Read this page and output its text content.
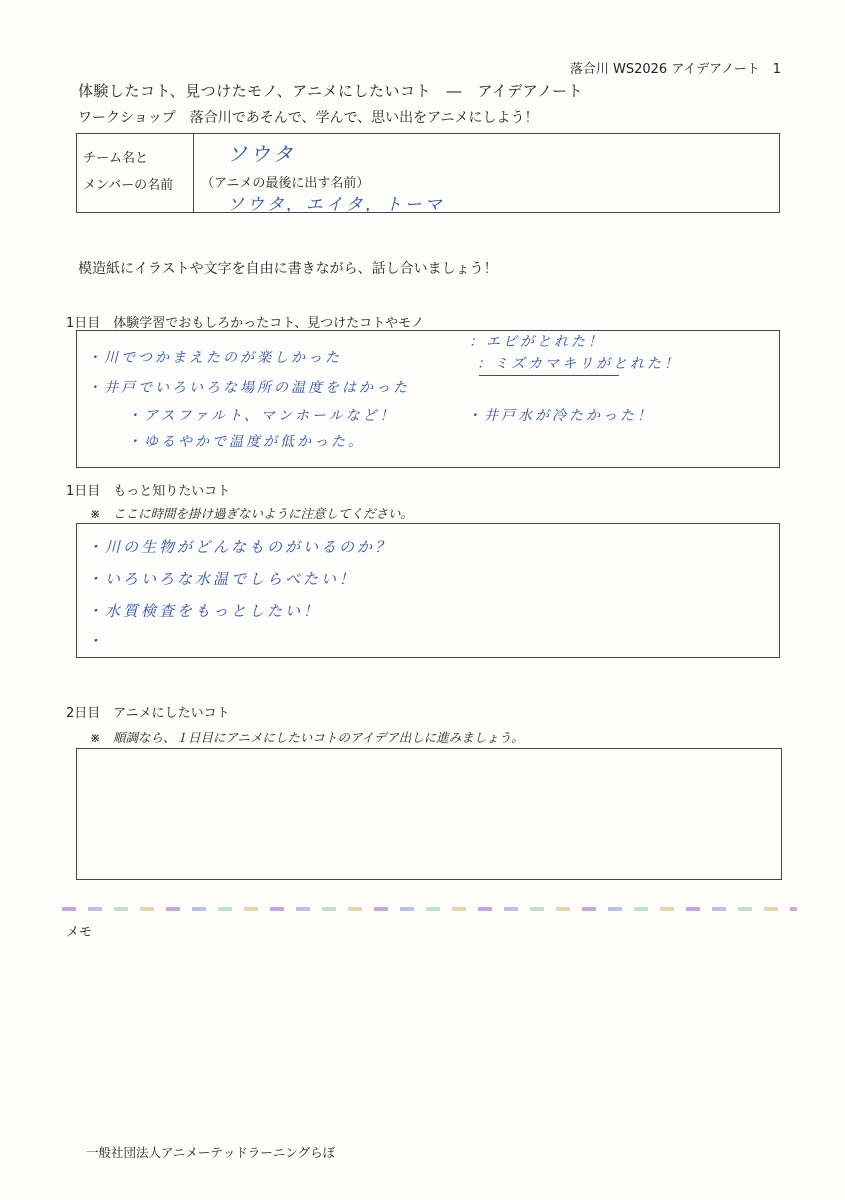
落合川 WS2026 アイデアノート　1
体験したコト、見つけたモノ、アニメにしたいコト　―　アイデアノート
ワークショップ　落合川であそんで、学んで、思い出をアニメにしよう！
チーム名と
メンバーの名前 （アニメの最後に出す名前）
ソウタ
ソウタ，エイタ，トーマ
模造紙にイラストや文字を自由に書きながら、話し合いましょう！
1日目　体験学習でおもしろかったコト、見つけたコトやモノ
・川でつかまえたのが楽しかった
：エビがとれた！
：ミズカマキリがとれた！
・井戸でいろいろな場所の温度をはかった
・アスファルト、マンホールなど！	・井戸水が冷たかった！
・ゆるやかで温度が低かった。
1日目　もっと知りたいコト
※　ここに時間を掛け過ぎないように注意してください。
・川の生物がどんなものがいるのか？
・いろいろな水温でしらべたい！
・水質検査をもっとしたい！
・
2日目　アニメにしたいコト
※　順調なら、１日目にアニメにしたいコトのアイデア出しに進みましょう。
メモ
一般社団法人アニメーテッドラーニングらぼ
